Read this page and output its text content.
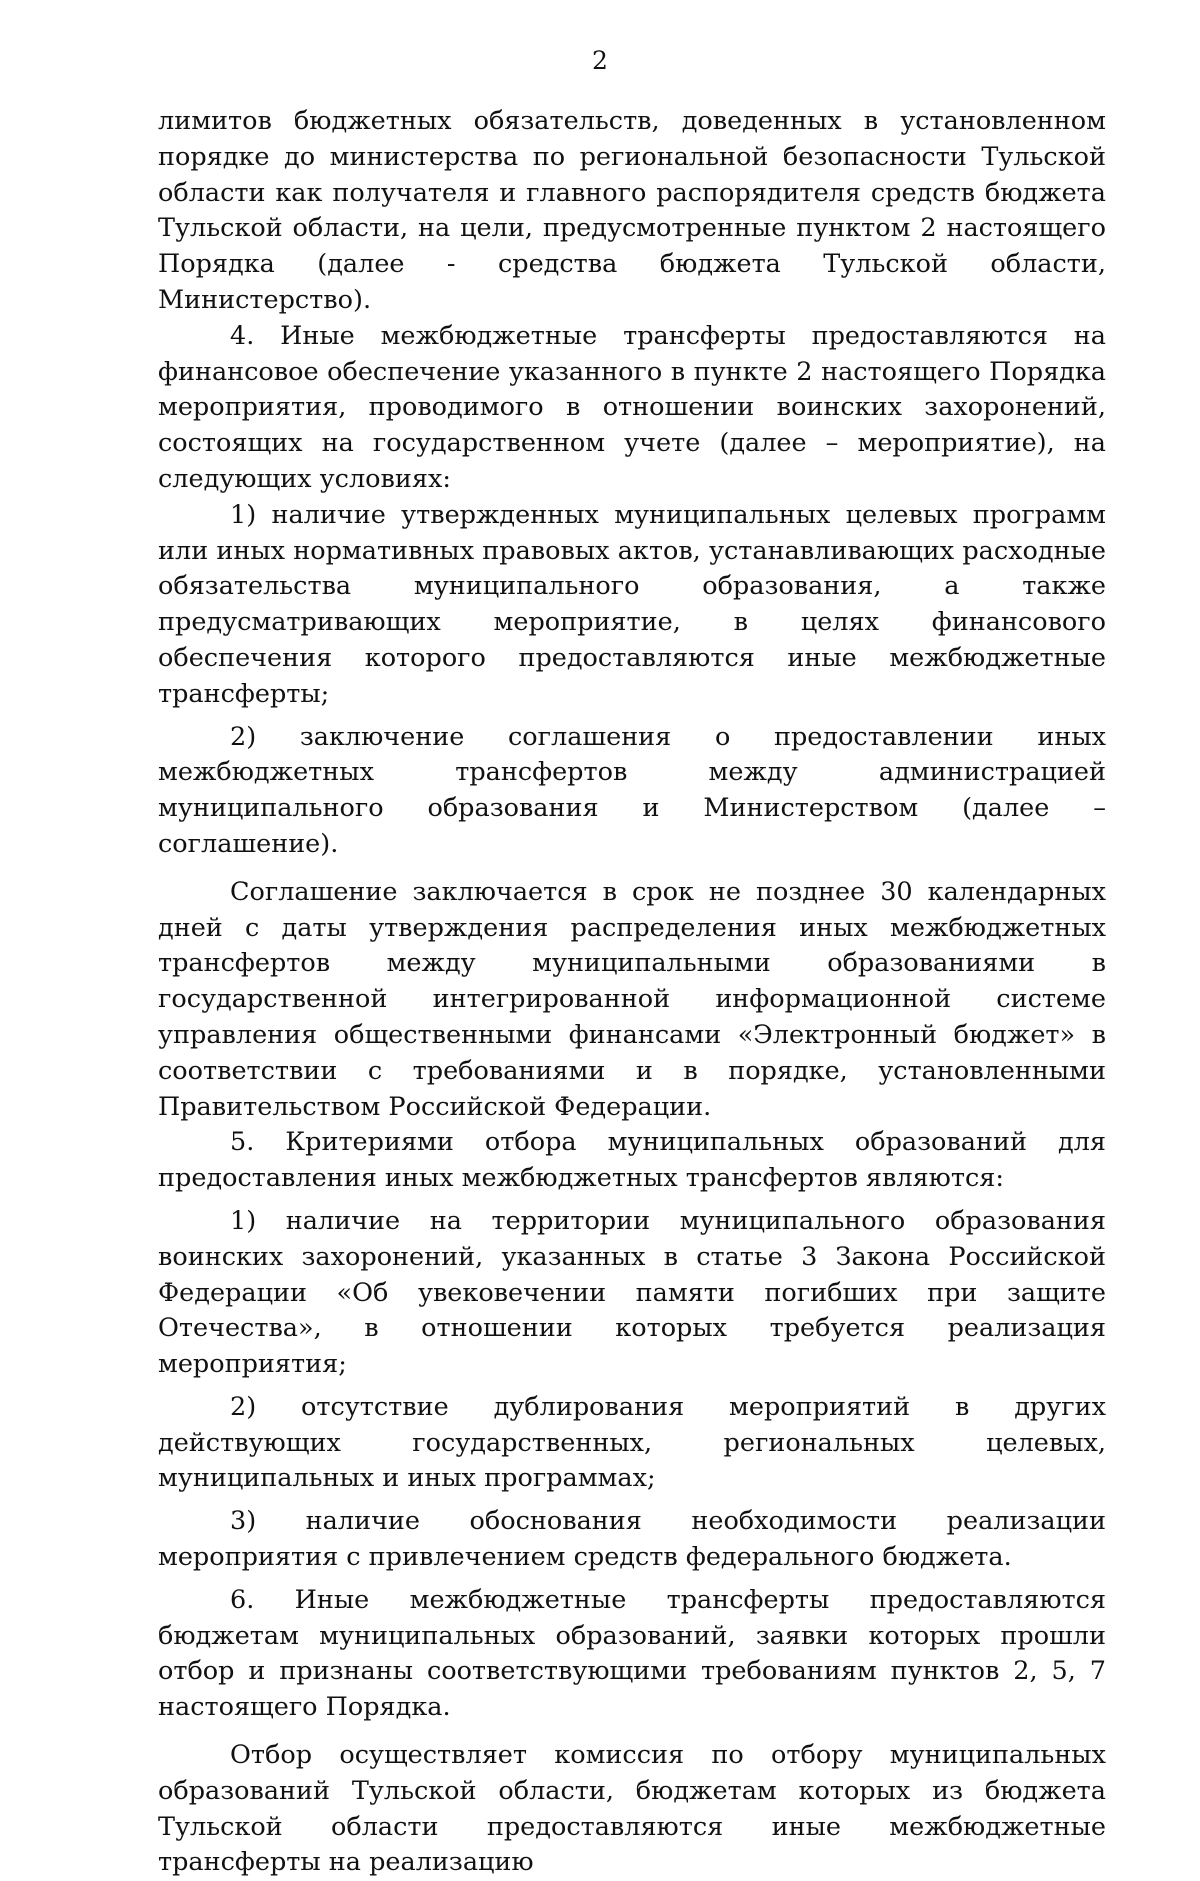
2

лимитов бюджетных обязательств, доведенных в установленном порядке до министерства по региональной безопасности Тульской области как получателя и главного распорядителя средств бюджета Тульской области, на цели, предусмотренные пунктом 2 настоящего Порядка (далее - средства бюджета Тульской области, Министерство).

4. Иные межбюджетные трансферты предоставляются на финансовое обеспечение указанного в пункте 2 настоящего Порядка мероприятия, проводимого в отношении воинских захоронений, состоящих на государственном учете (далее – мероприятие), на следующих условиях:

1) наличие утвержденных муниципальных целевых программ или иных нормативных правовых актов, устанавливающих расходные обязательства муниципального образования, а также предусматривающих мероприятие, в целях финансового обеспечения которого предоставляются иные межбюджетные трансферты;

2) заключение соглашения о предоставлении иных межбюджетных трансфертов между администрацией муниципального образования и Министерством (далее – соглашение).

Соглашение заключается в срок не позднее 30 календарных дней с даты утверждения распределения иных межбюджетных трансфертов между муниципальными образованиями в государственной интегрированной информационной системе управления общественными финансами «Электронный бюджет» в соответствии с требованиями и в порядке, установленными Правительством Российской Федерации.

5. Критериями отбора муниципальных образований для предоставления иных межбюджетных трансфертов являются:

1) наличие на территории муниципального образования воинских захоронений, указанных в статье 3 Закона Российской Федерации «Об увековечении памяти погибших при защите Отечества», в отношении которых требуется реализация мероприятия;

2) отсутствие дублирования мероприятий в других действующих государственных, региональных целевых, муниципальных и иных программах;

3) наличие обоснования необходимости реализации мероприятия с привлечением средств федерального бюджета.

6. Иные межбюджетные трансферты предоставляются бюджетам муниципальных образований, заявки которых прошли отбор и признаны соответствующими требованиям пунктов 2, 5, 7 настоящего Порядка.

Отбор осуществляет комиссия по отбору муниципальных образований Тульской области, бюджетам которых из бюджета Тульской области предоставляются иные межбюджетные трансферты на реализацию
